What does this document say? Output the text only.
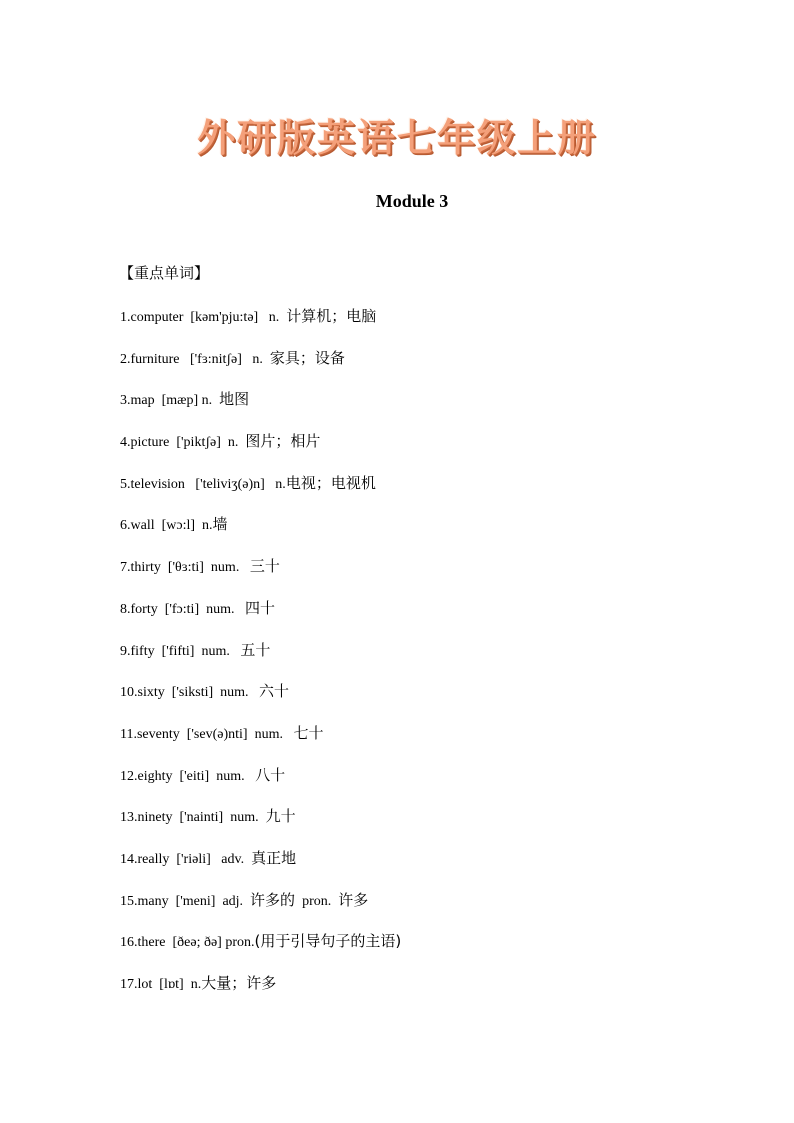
外研版英语七年级上册
Module 3
【重点单词】
1.computer  [kəm'pju:tə]   n.  计算机；电脑
2.furniture   ['fɜ:nitʃə]   n.  家具；设备
3.map  [mæp] n.  地图
4.picture  ['piktʃə]  n.  图片；相片
5.television   ['teliviʒ(ə)n]   n.电视；电视机
6.wall  [wɔ:l]  n.墙
7.thirty  ['θɜ:ti]  num.   三十
8.forty  ['fɔ:ti]  num.   四十
9.fifty  ['fifti]  num.   五十
10.sixty  ['siksti]  num.   六十
11.seventy  ['sev(ə)nti]  num.   七十
12.eighty  ['eiti]  num.   八十
13.ninety  ['nainti]  num.  九十
14.really  ['riəli]   adv.  真正地
15.many  ['meni]  adj.  许多的  pron.  许多
16.there  [ðeə; ðə] pron.(用于引导句子的主语)
17.lot  [lɒt]  n.大量；许多
